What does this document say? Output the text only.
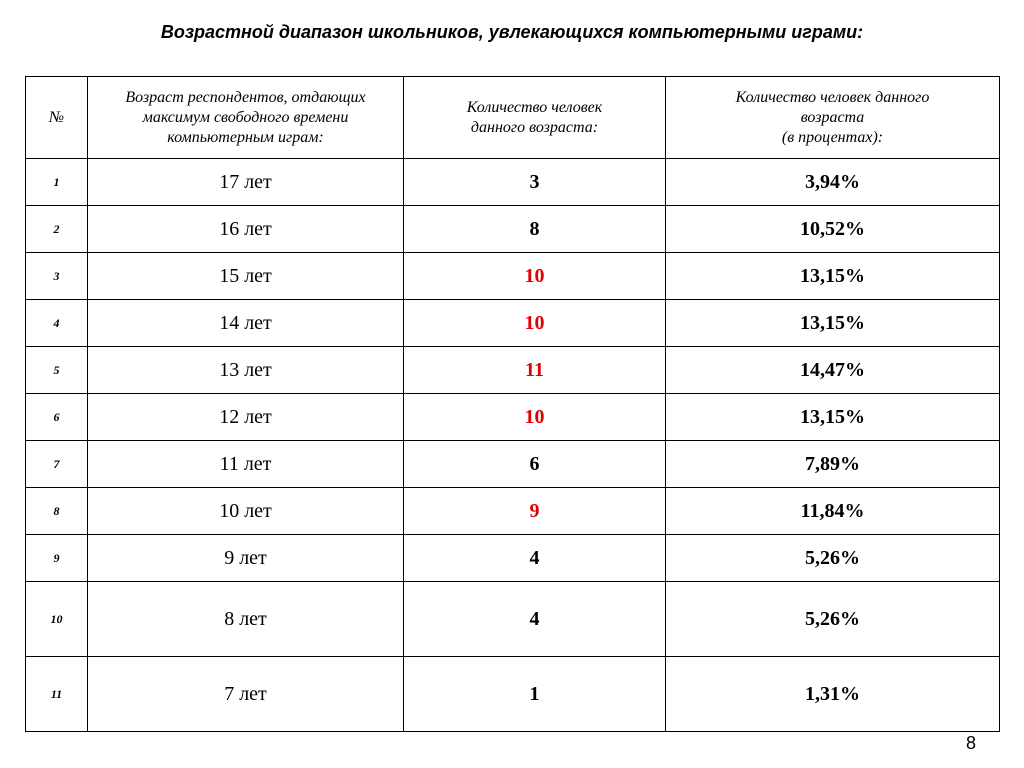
Возрастной диапазон школьников, увлекающихся компьютерными играми:
№	Возраст респондентов, отдающих максимум свободного времени компьютерным играм:	Количество человек данного возраста:	Количество человек данного возраста
(в процентах):
1	17 лет	3	3,94%
2	16 лет	8	10,52%
3	15 лет	10	13,15%
4	14 лет	10	13,15%
5	13 лет	11	14,47%
6	12 лет	10	13,15%
7	11 лет	6	7,89%
8	10 лет	9	11,84%
9	9 лет	4	5,26%
10	8 лет	4	5,26%
11	7 лет	1	1,31%
8
